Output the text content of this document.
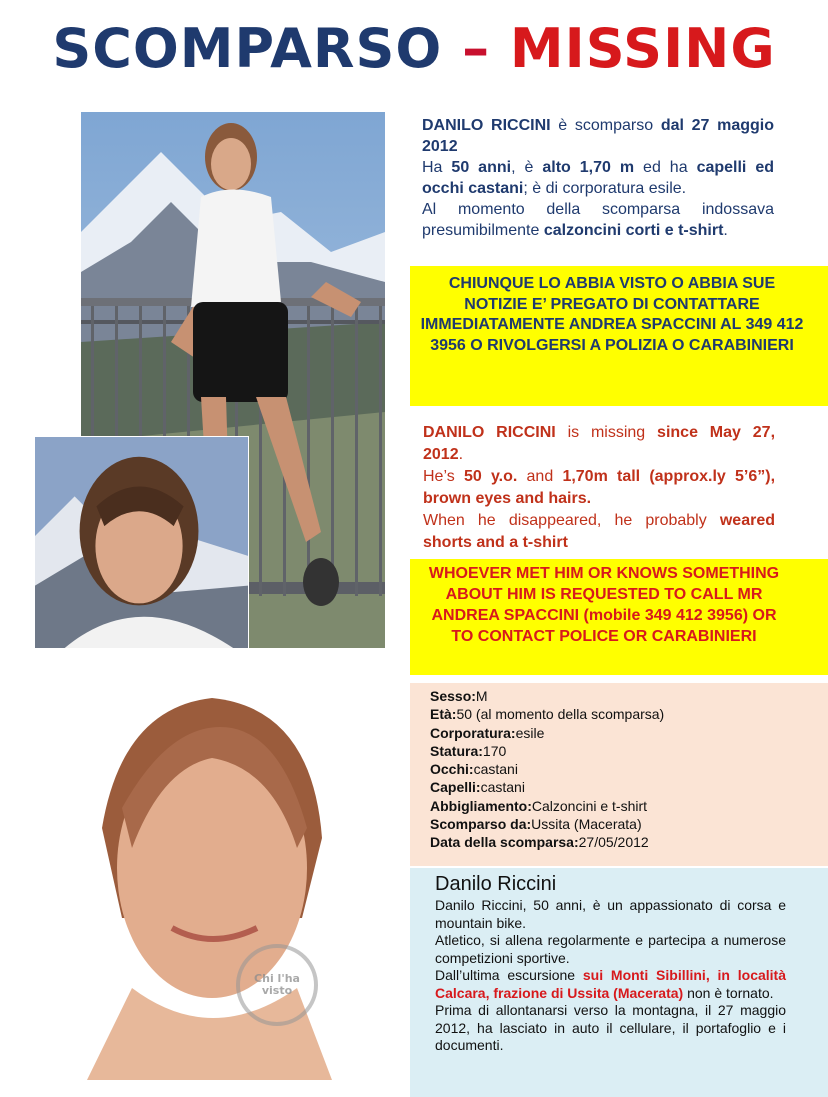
SCOMPARSO – MISSING
Chi l'ha visto
DANILO RICCINI è scomparso dal 27 maggio 2012
Ha 50 anni, è alto 1,70 m ed ha capelli ed occhi castani; è di corporatura esile.
Al momento della scomparsa indossava presumibilmente calzoncini corti e t-shirt.
CHIUNQUE LO ABBIA VISTO O ABBIA SUE NOTIZIE E’ PREGATO DI CONTATTARE IMMEDIATAMENTE ANDREA SPACCINI AL 349 412 3956 O RIVOLGERSI A POLIZIA O CARABINIERI
DANILO RICCINI is missing since May 27, 2012.
He’s 50 y.o. and 1,70m tall (approx.ly 5’6”), brown eyes and hairs.
When he disappeared, he probably weared shorts and a t-shirt
WHOEVER MET HIM OR KNOWS SOMETHING ABOUT HIM IS REQUESTED TO CALL MR ANDREA SPACCINI (mobile 349 412 3956) OR TO CONTACT POLICE OR CARABINIERI
Sesso:M
Età:50 (al momento della scomparsa)
Corporatura:esile
Statura:170
Occhi:castani
Capelli:castani
Abbigliamento:Calzoncini e t-shirt
Scomparso da:Ussita (Macerata)
Data della scomparsa:27/05/2012
Danilo Riccini

Danilo Riccini, 50 anni, è un appassionato di corsa e mountain bike.

Atletico, si allena regolarmente e partecipa a numerose competizioni sportive.

Dall’ultima escursione sui Monti Sibillini, in località Calcara, frazione di Ussita (Macerata) non è tornato.

Prima di allontanarsi verso la montagna, il 27 maggio 2012, ha lasciato in auto il cellulare, il portafoglio e i documenti.
